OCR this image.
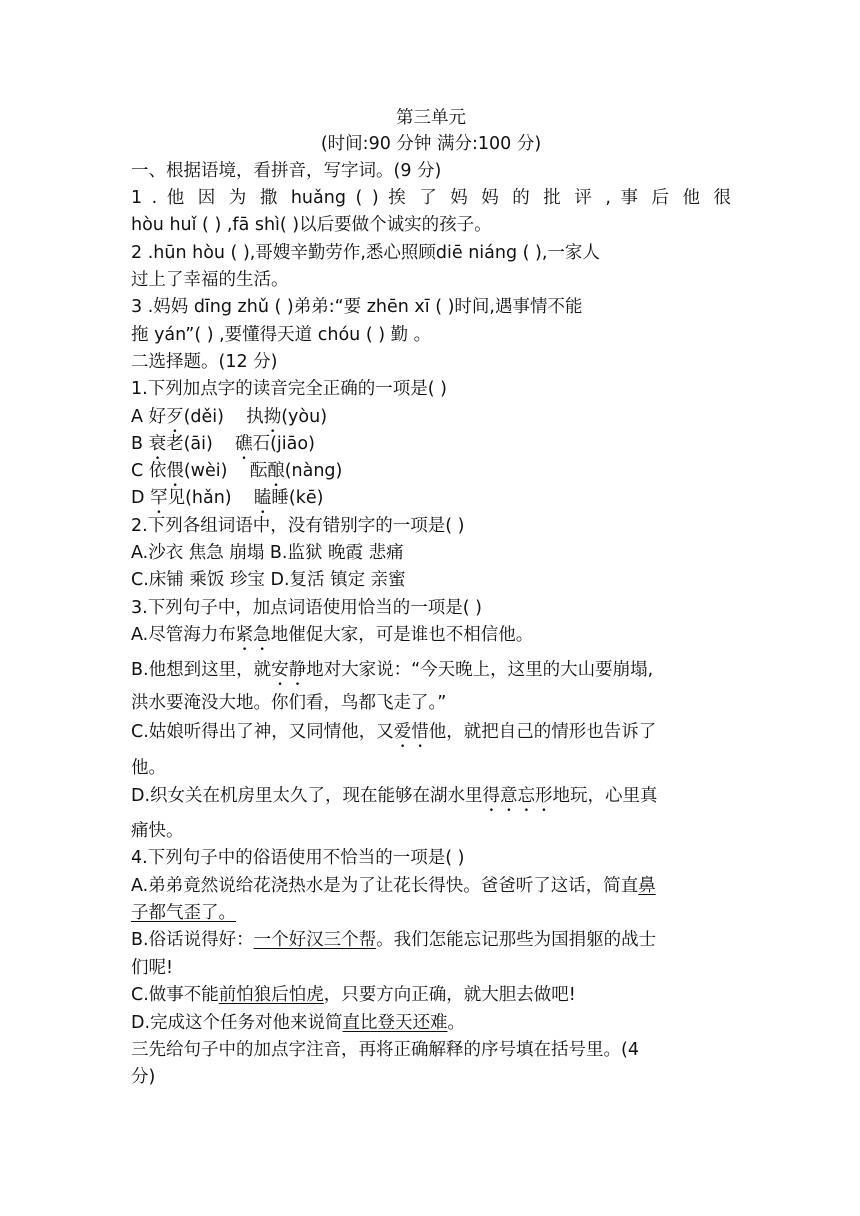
第三单元
(时间:90 分钟 满分:100 分)
一、根据语境，看拼音，写字词。(9 分)
1 . 他 因 为 撒 huǎng ( ) 挨 了 妈 妈 的 批 评 , 事 后 他 很
hòu huǐ ( ) ,fā shì( )以后要做个诚实的孩子。
2 .hūn hòu ( ),哥嫂辛勤劳作,悉心照顾diē niáng ( ),一家人
过上了幸福的生活。
3 .妈妈 dīng zhǔ ( )弟弟:“要 zhēn xī ( )时间,遇事情不能
拖 yán”( ) ,要懂得天道 chóu ( ) 勤 。
二选择题。(12 分)
1.下列加点字的读音完全正确的一项是( )
A 好歹(děi) 执拗(yòu)
B 衰老(āi) 礁石(jiāo)
C 依偎(wèi) 酝酿(nàng)
D 罕见(hǎn) 瞌睡(kē)
2.下列各组词语中，没有错别字的一项是( )
A.沙衣 焦急 崩塌 B.监狱 晚霞 悲痛
C.床铺 乘饭 珍宝 D.复活 镇定 亲蜜
3.下列句子中，加点词语使用恰当的一项是( )
A.尽管海力布紧急地催促大家，可是谁也不相信他。
B.他想到这里，就安静地对大家说：“今天晚上，这里的大山要崩塌,
洪水要淹没大地。你们看，鸟都飞走了。”
C.姑娘听得出了神，又同情他，又爱惜他，就把自己的情形也告诉了
他。
D.织女关在机房里太久了，现在能够在湖水里得意忘形地玩，心里真
痛快。
4.下列句子中的俗语使用不恰当的一项是( )
A.弟弟竟然说给花浇热水是为了让花长得快。爸爸听了这话，简直鼻
子都气歪了。
B.俗话说得好：一个好汉三个帮。我们怎能忘记那些为国捐躯的战士
们呢!
C.做事不能前怕狼后怕虎，只要方向正确，就大胆去做吧!
D.完成这个任务对他来说简直比登天还难。
三先给句子中的加点字注音，再将正确解释的序号填在括号里。(4
分)
